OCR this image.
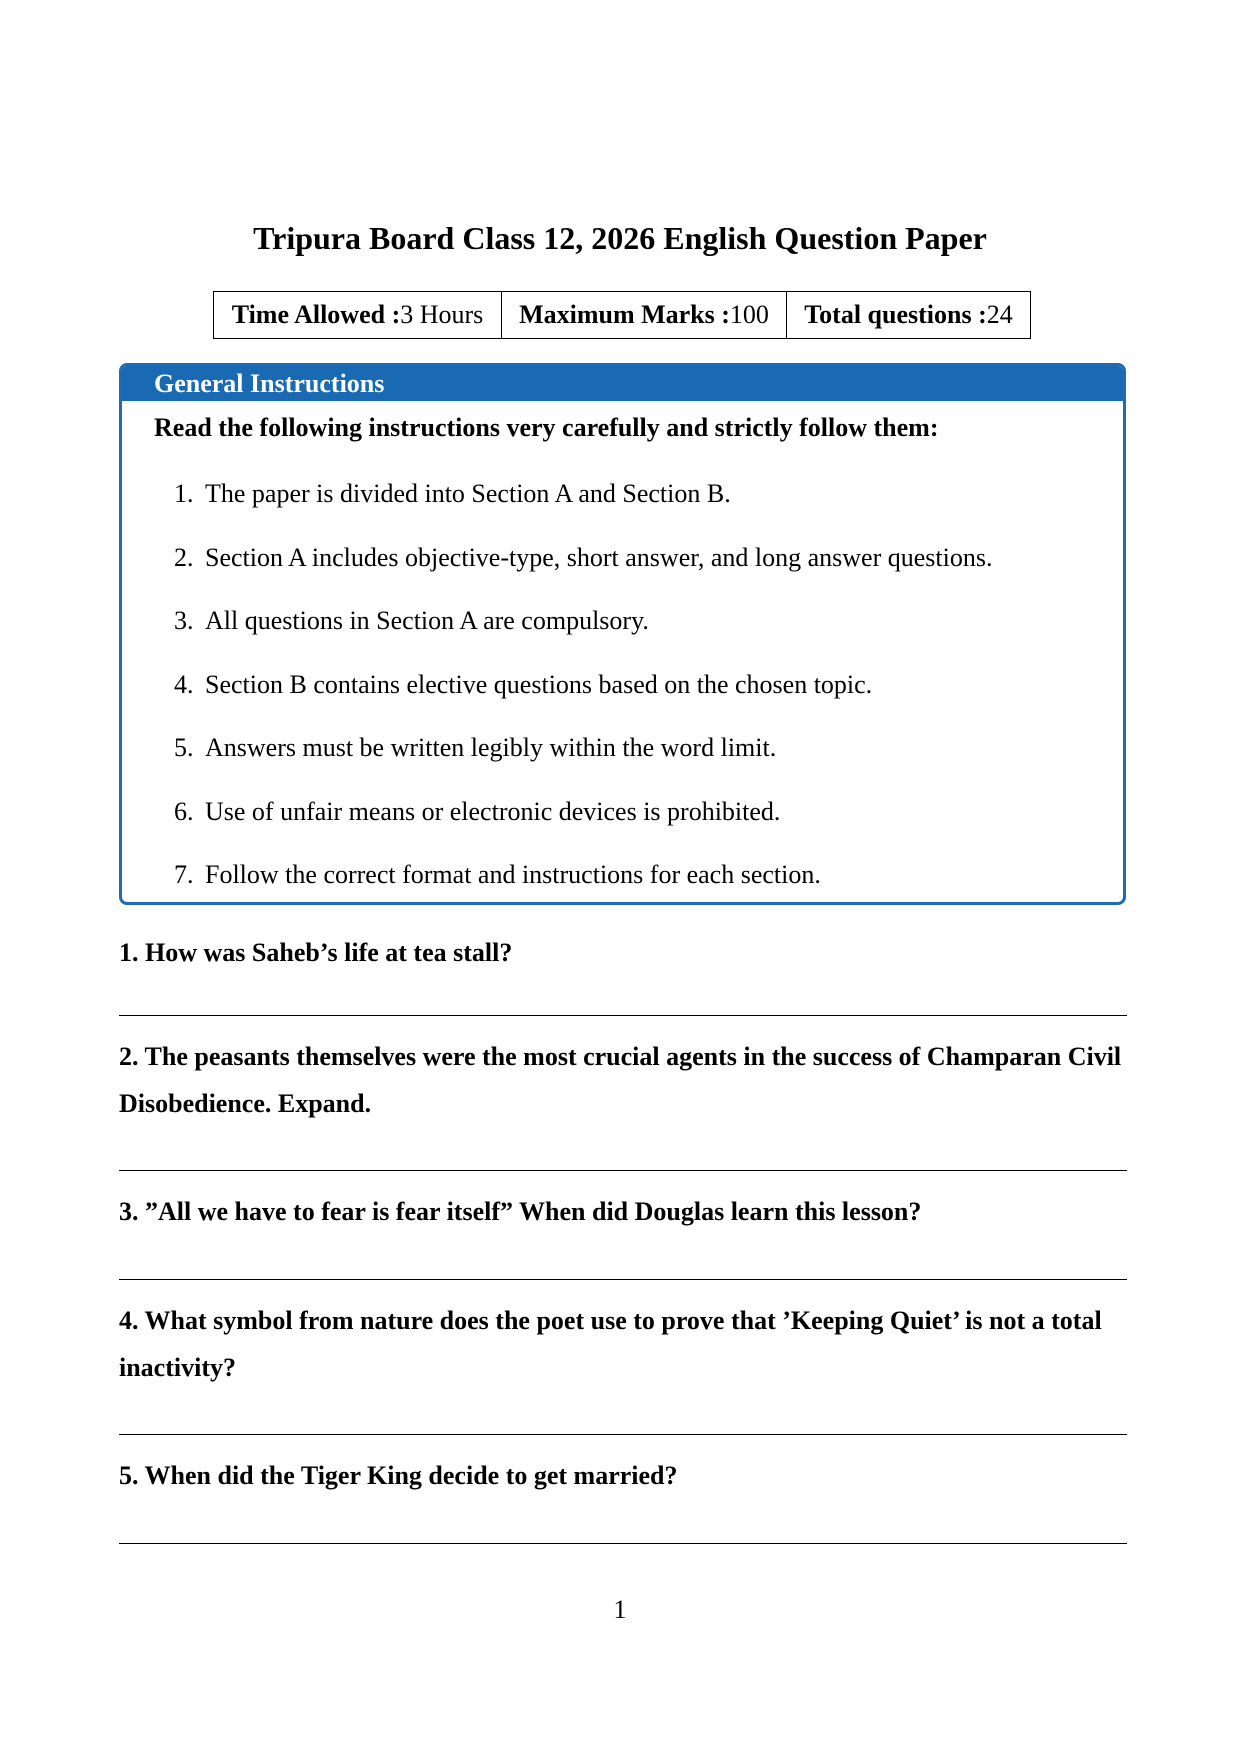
Tripura Board Class 12, 2026 English Question Paper
Time Allowed : 3 Hours Maximum Marks : 100 Total questions : 24
General Instructions
Read the following instructions very carefully and strictly follow them:
1. The paper is divided into Section A and Section B.
2. Section A includes objective-type, short answer, and long answer questions.
3. All questions in Section A are compulsory.
4. Section B contains elective questions based on the chosen topic.
5. Answers must be written legibly within the word limit.
6. Use of unfair means or electronic devices is prohibited.
7. Follow the correct format and instructions for each section.
1. How was Saheb’s life at tea stall?
2. The peasants themselves were the most crucial agents in the success of Champaran Civil Disobedience. Expand.
3. ”All we have to fear is fear itself” When did Douglas learn this lesson?
4. What symbol from nature does the poet use to prove that ’Keeping Quiet’ is not a total inactivity?
5. When did the Tiger King decide to get married?
1
